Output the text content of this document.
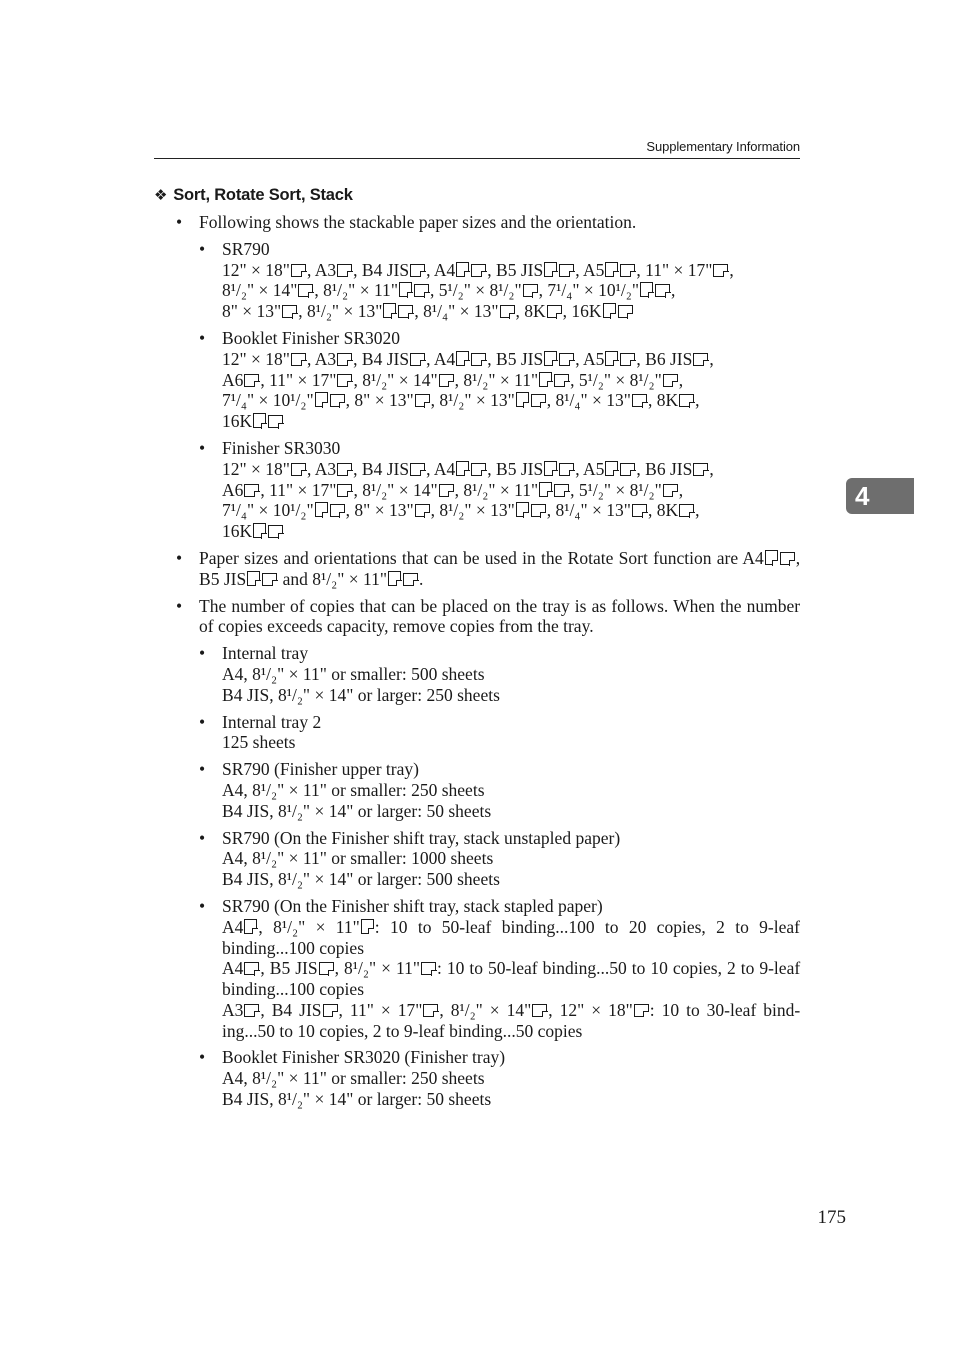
Supplementary Information
❖ Sort, Rotate Sort, Stack
• Following shows the stackable paper sizes and the orientation.
• SR790
12" × 18" , A3 , B4 JIS , A4 , B5 JIS , A5 , 11" × 17" ,
8¹/₂" × 14" , 8¹/₂" × 11" , 5¹/₂" × 8¹/₂" , 7¹/₄" × 10¹/₂" ,
8" × 13" , 8¹/₂" × 13" , 8¹/₄" × 13" , 8K , 16K
• Booklet Finisher SR3020
12" × 18" , A3 , B4 JIS , A4 , B5 JIS , A5 , B6 JIS ,
A6 , 11" × 17" , 8¹/₂" × 14" , 8¹/₂" × 11" , 5¹/₂" × 8¹/₂" ,
7¹/₄" × 10¹/₂" , 8" × 13" , 8¹/₂" × 13" , 8¹/₄" × 13" , 8K ,
16K
• Finisher SR3030
12" × 18" , A3 , B4 JIS , A4 , B5 JIS , A5 , B6 JIS ,
A6 , 11" × 17" , 8¹/₂" × 14" , 8¹/₂" × 11" , 5¹/₂" × 8¹/₂" ,
7¹/₄" × 10¹/₂" , 8" × 13" , 8¹/₂" × 13" , 8¹/₄" × 13" , 8K ,
16K
• Paper sizes and orientations that can be used in the Rotate Sort function are A4 , B5 JIS and 8¹/₂" × 11" .
• The number of copies that can be placed on the tray is as follows. When the number of copies exceeds capacity, remove copies from the tray.
• Internal tray
A4, 8¹/₂" × 11" or smaller: 500 sheets
B4 JIS, 8¹/₂" × 14" or larger: 250 sheets
• Internal tray 2
125 sheets
• SR790 (Finisher upper tray)
A4, 8¹/₂" × 11" or smaller: 250 sheets
B4 JIS, 8¹/₂" × 14" or larger: 50 sheets
• SR790 (On the Finisher shift tray, stack unstapled paper)
A4, 8¹/₂" × 11" or smaller: 1000 sheets
B4 JIS, 8¹/₂" × 14" or larger: 500 sheets
• SR790 (On the Finisher shift tray, stack stapled paper)
A4 , 8¹/₂" × 11" : 10 to 50-leaf binding...100 to 20 copies, 2 to 9-leaf binding...100 copies
A4 , B5 JIS , 8¹/₂" × 11" : 10 to 50-leaf binding...50 to 10 copies, 2 to 9-leaf binding...100 copies
A3 , B4 JIS , 11" × 17" , 8¹/₂" × 14" , 12" × 18" : 10 to 30-leaf bind-ing...50 to 10 copies, 2 to 9-leaf binding...50 copies
• Booklet Finisher SR3020 (Finisher tray)
A4, 8¹/₂" × 11" or smaller: 250 sheets
B4 JIS, 8¹/₂" × 14" or larger: 50 sheets
4
175
